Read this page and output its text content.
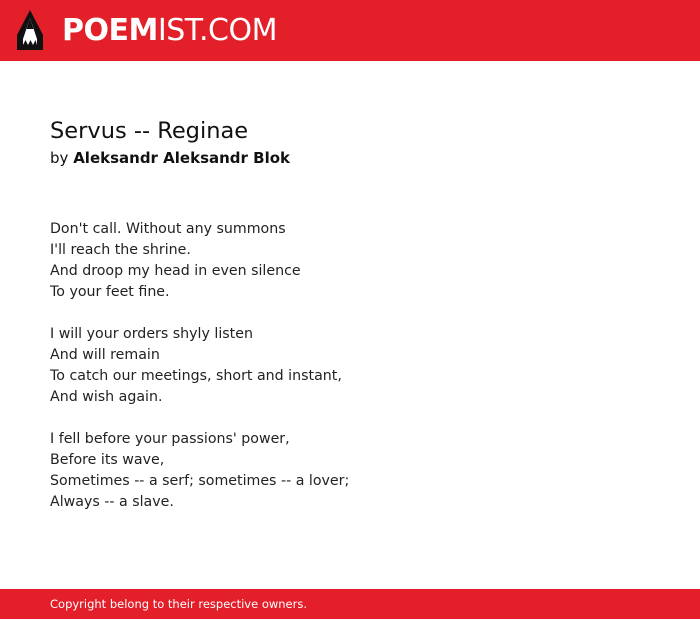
POEMIST.COM
Servus -- Reginae
by Aleksandr Aleksandr Blok
Don't call. Without any summons
I'll reach the shrine.
And droop my head in even silence
To your feet fine.
I will your orders shyly listen
And will remain
To catch our meetings, short and instant,
And wish again.
I fell before your passions' power,
Before its wave,
Sometimes -- a serf; sometimes -- a lover;
Always -- a slave.
Copyright belong to their respective owners.
